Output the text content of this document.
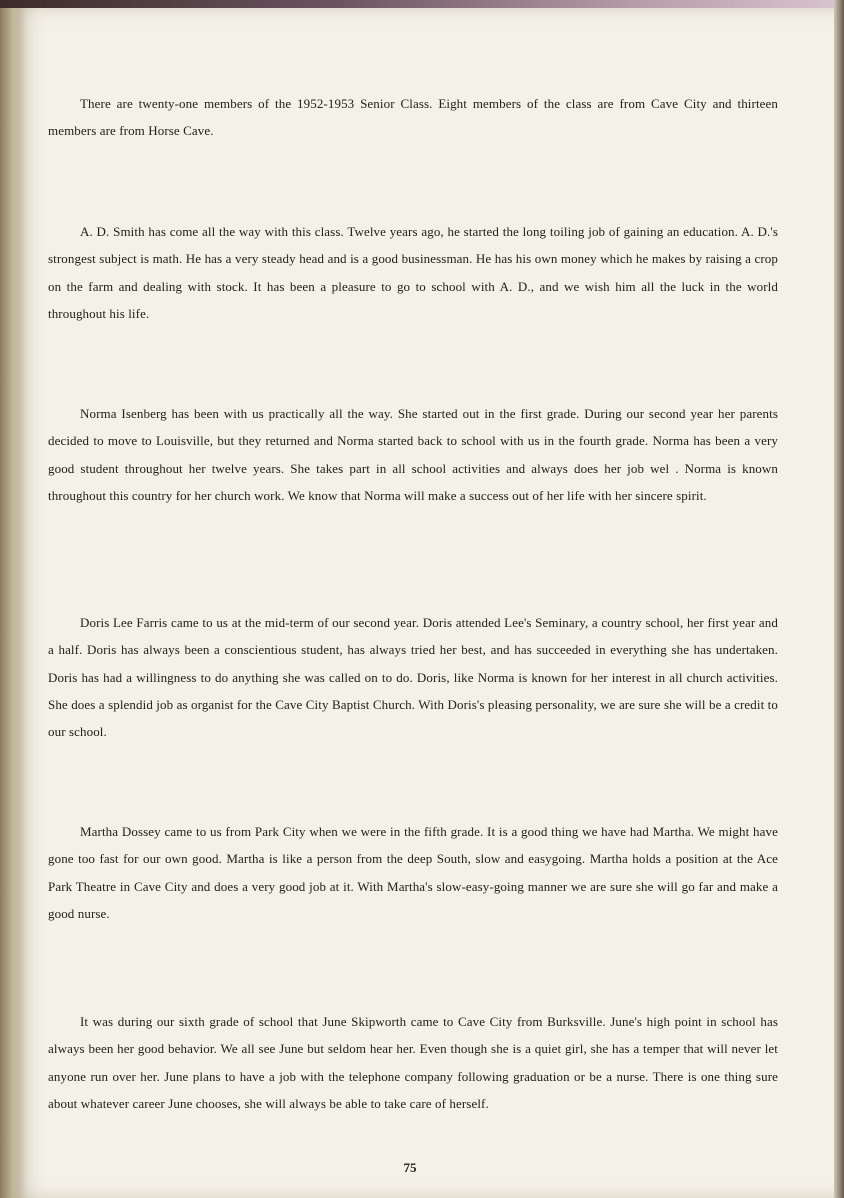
There are twenty-one members of the 1952-1953 Senior Class. Eight members of the class are from Cave City and thirteen members are from Horse Cave.

A. D. Smith has come all the way with this class. Twelve years ago, he started the long toiling job of gaining an education. A. D.'s strongest subject is math. He has a very steady head and is a good businessman. He has his own money which he makes by raising a crop on the farm and dealing with stock. It has been a pleasure to go to school with A. D., and we wish him all the luck in the world throughout his life.

Norma Isenberg has been with us practically all the way. She started out in the first grade. During our second year her parents decided to move to Louisville, but they returned and Norma started back to school with us in the fourth grade. Norma has been a very good student throughout her twelve years. She takes part in all school activities and always does her job wel . Norma is known throughout this country for her church work. We know that Norma will make a success out of her life with her sincere spirit.

Doris Lee Farris came to us at the mid-term of our second year. Doris attended Lee's Seminary, a country school, her first year and a half. Doris has always been a conscientious student, has always tried her best, and has succeeded in everything she has undertaken. Doris has had a willingness to do anything she was called on to do. Doris, like Norma is known for her interest in all church activities. She does a splendid job as organist for the Cave City Baptist Church. With Doris's pleasing personality, we are sure she will be a credit to our school.

Martha Dossey came to us from Park City when we were in the fifth grade. It is a good thing we have had Martha. We might have gone too fast for our own good. Martha is like a person from the deep South, slow and easygoing. Martha holds a position at the Ace Park Theatre in Cave City and does a very good job at it. With Martha's slow-easy-going manner we are sure she will go far and make a good nurse.

It was during our sixth grade of school that June Skipworth came to Cave City from Burksville. June's high point in school has always been her good behavior. We all see June but seldom hear her. Even though she is a quiet girl, she has a temper that will never let anyone run over her. June plans to have a job with the telephone company following graduation or be a nurse. There is one thing sure about whatever career June chooses, she will always be able to take care of herself.

75
